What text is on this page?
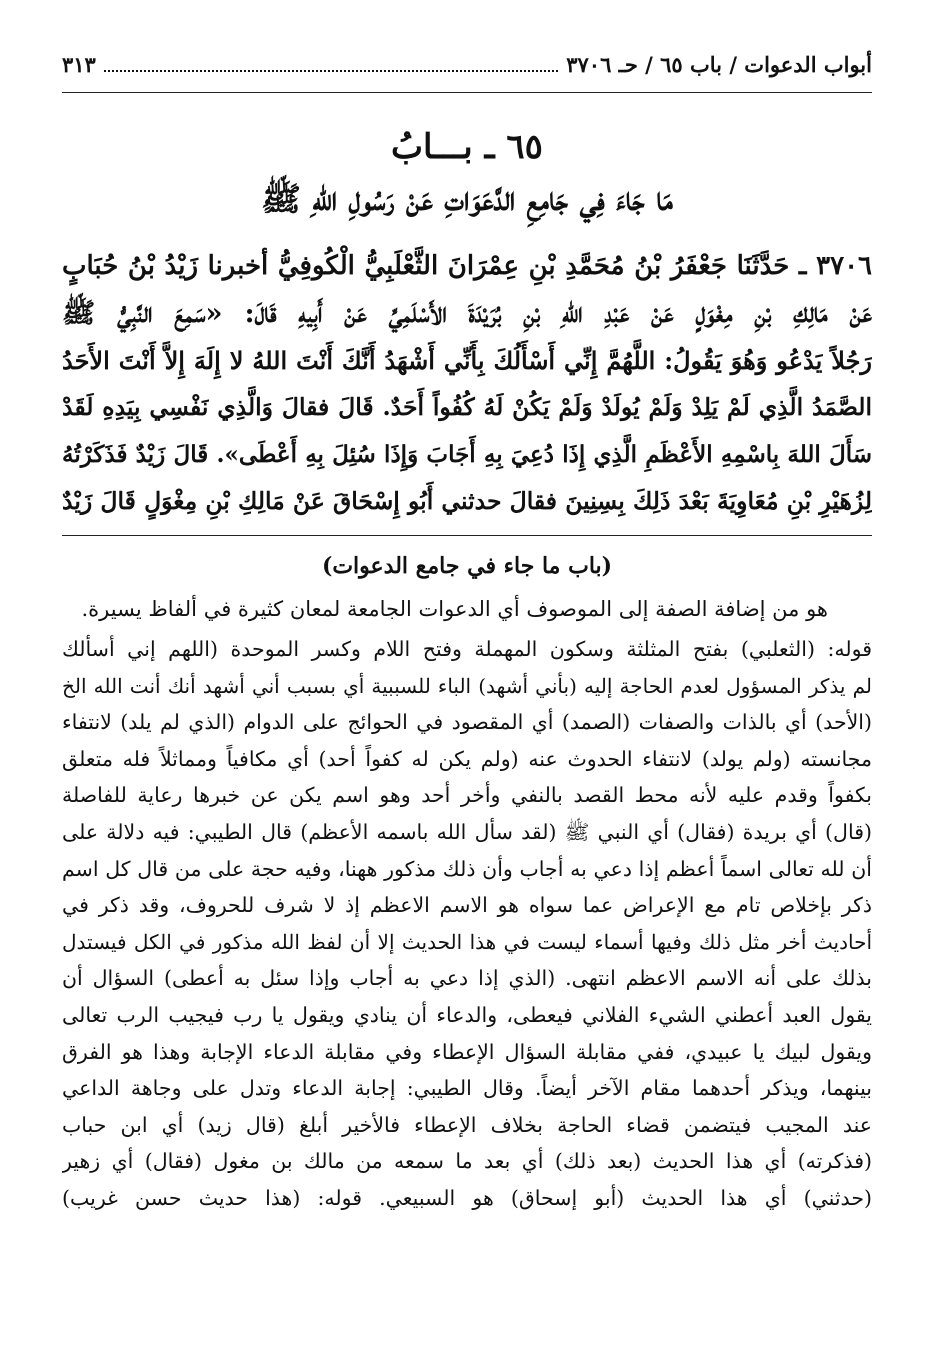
أبواب الدعوات / باب ٦٥ / حـ ٣٧٠٦
٣١٣
٦٥ ـ بـــابُ
مَا جَاءَ فِي جَامِعِ الدَّعَوَاتِ عَنْ رَسُولِ اللهِ ﷺ
٣٧٠٦ ـ حَدَّثَنَا جَعْفَرُ بْنُ مُحَمَّدِ بْنِ عِمْرَانَ الثَّعْلَبِيُّ الْكُوفِيُّ أخبرنا زَيْدُ بْنُ حُبَابٍ
عَنْ مَالِكِ بْنِ مِغْوَلٍ عَنْ عَبْدِ اللهِ بْنِ بُرَيْدَةَ الأَسْلَمِيِّ عَنْ أَبِيهِ قَالَ: «سَمِعَ النَّبِيُّ ﷺ
رَجُلاً يَدْعُو وَهُوَ يَقُولُ: اللَّهُمَّ إِنِّي أَسْأَلُكَ بِأَنِّي أَشْهَدُ أَنَّكَ أَنْتَ اللهُ لا إِلَهَ إِلاَّ أَنْتَ الأَحَدُ
الصَّمَدُ الَّذِي لَمْ يَلِدْ وَلَمْ يُولَدْ وَلَمْ يَكُنْ لَهُ كُفُواً أَحَدٌ. قَالَ فقالَ وَالَّذِي نَفْسِي بِيَدِهِ لَقَدْ
سَأَلَ اللهَ بِاسْمِهِ الأَعْظَمِ الَّذِي إِذَا دُعِيَ بِهِ أَجَابَ وَإِذَا سُئِلَ بِهِ أَعْطَى». قَالَ زَيْدٌ فَذَكَرْتُهُ
لِزُهَيْرِ بْنِ مُعَاوِيَةَ بَعْدَ ذَلِكَ بِسِنِينَ فقالَ حدثني أَبُو إِسْحَاقَ عَنْ مَالِكِ بْنِ مِغْوَلٍ قَالَ زَيْدٌ
(باب ما جاء في جامع الدعوات)
هو من إضافة الصفة إلى الموصوف أي الدعوات الجامعة لمعان كثيرة في ألفاظ يسيرة.
قوله: (الثعلبي) بفتح المثلثة وسكون المهملة وفتح اللام وكسر الموحدة (اللهم إني أسألك
لم يذكر المسؤول لعدم الحاجة إليه (بأني أشهد) الباء للسببية أي بسبب أني أشهد أنك أنت الله الخ
(الأحد) أي بالذات والصفات (الصمد) أي المقصود في الحوائج على الدوام (الذي لم يلد) لانتفاء
مجانسته (ولم يولد) لانتفاء الحدوث عنه (ولم يكن له كفواً أحد) أي مكافياً ومماثلاً فله متعلق
بكفواً وقدم عليه لأنه محط القصد بالنفي وأخر أحد وهو اسم يكن عن خبرها رعاية للفاصلة
(قال) أي بريدة (فقال) أي النبي ﷺ (لقد سأل الله باسمه الأعظم) قال الطيبي: فيه دلالة على
أن لله تعالى اسماً أعظم إذا دعي به أجاب وأن ذلك مذكور ههنا، وفيه حجة على من قال كل اسم
ذكر بإخلاص تام مع الإعراض عما سواه هو الاسم الاعظم إذ لا شرف للحروف، وقد ذكر في
أحاديث أخر مثل ذلك وفيها أسماء ليست في هذا الحديث إلا أن لفظ الله مذكور في الكل فيستدل
بذلك على أنه الاسم الاعظم انتهى. (الذي إذا دعي به أجاب وإذا سئل به أعطى) السؤال أن
يقول العبد أعطني الشيء الفلاني فيعطى، والدعاء أن ينادي ويقول يا رب فيجيب الرب تعالى
ويقول لبيك يا عبيدي، ففي مقابلة السؤال الإعطاء وفي مقابلة الدعاء الإجابة وهذا هو الفرق
بينهما، ويذكر أحدهما مقام الآخر أيضاً. وقال الطيبي: إجابة الدعاء وتدل على وجاهة الداعي
عند المجيب فيتضمن قضاء الحاجة بخلاف الإعطاء فالأخير أبلغ (قال زيد) أي ابن حباب
(فذكرته) أي هذا الحديث (بعد ذلك) أي بعد ما سمعه من مالك بن مغول (فقال) أي زهير
(حدثني) أي هذا الحديث (أبو إسحاق) هو السبيعي. قوله: (هذا حديث حسن غريب)
